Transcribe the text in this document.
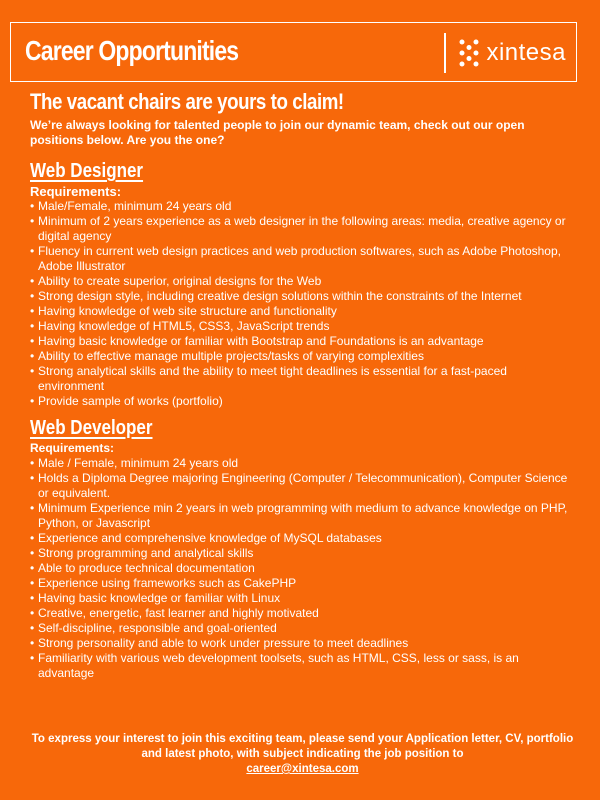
Career Opportunities	xintesa
The vacant chairs are yours to claim!
We’re always looking for talented people to join our dynamic team, check out our open positions below. Are you the one?
Web Designer
Requirements:
• Male/Female, minimum 24 years old
• Minimum of 2 years experience as a web designer in the following areas: media, creative agency or digital agency
• Fluency in current web design practices and web production softwares, such as Adobe Photoshop, Adobe Illustrator
• Ability to create superior, original designs for the Web
• Strong design style, including creative design solutions within the constraints of the Internet
• Having knowledge of web site structure and functionality
• Having knowledge of HTML5, CSS3, JavaScript trends
• Having basic knowledge or familiar with Bootstrap and Foundations is an advantage
• Ability to effective manage multiple projects/tasks of varying complexities
• Strong analytical skills and the ability to meet tight deadlines is essential for a fast-paced environment
• Provide sample of works (portfolio)
Web Developer
Requirements:
• Male / Female, minimum 24 years old
• Holds a Diploma Degree majoring Engineering (Computer / Telecommunication), Computer Science or equivalent.
• Minimum Experience min 2 years in web programming with medium to advance knowledge on PHP, Python, or Javascript
• Experience and comprehensive knowledge of MySQL databases
• Strong programming and analytical skills
• Able to produce technical documentation
• Experience using frameworks such as CakePHP
• Having basic knowledge or familiar with Linux
• Creative, energetic, fast learner and highly motivated
• Self-discipline, responsible and goal-oriented
• Strong personality and able to work under pressure to meet deadlines
• Familiarity with various web development toolsets, such as HTML, CSS, less or sass, is an advantage
To express your interest to join this exciting team, please send your Application letter, CV, portfolio and latest photo, with subject indicating the job position to
career@xintesa.com
